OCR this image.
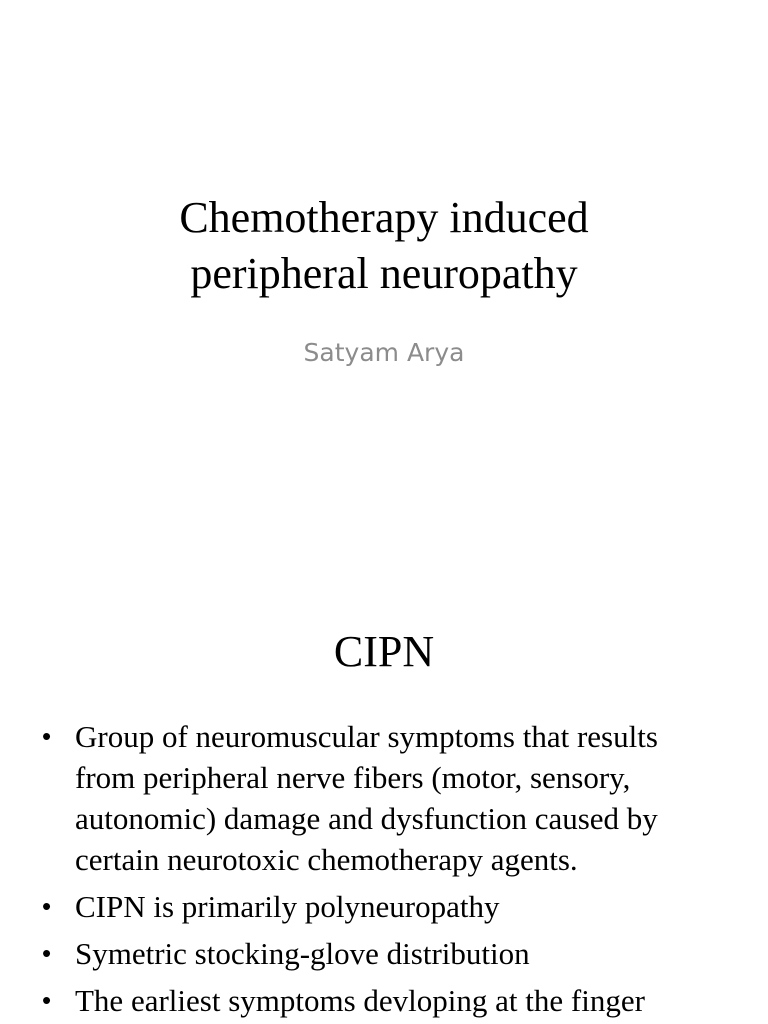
Chemotherapy induced
peripheral neuropathy
Satyam Arya
CIPN
• Group of neuromuscular symptoms that results
from peripheral nerve fibers (motor, sensory,
autonomic) damage and dysfunction caused by
certain neurotoxic chemotherapy agents.
• CIPN is primarily polyneuropathy
• Symetric stocking-glove distribution
• The earliest symptoms devloping at the finger
